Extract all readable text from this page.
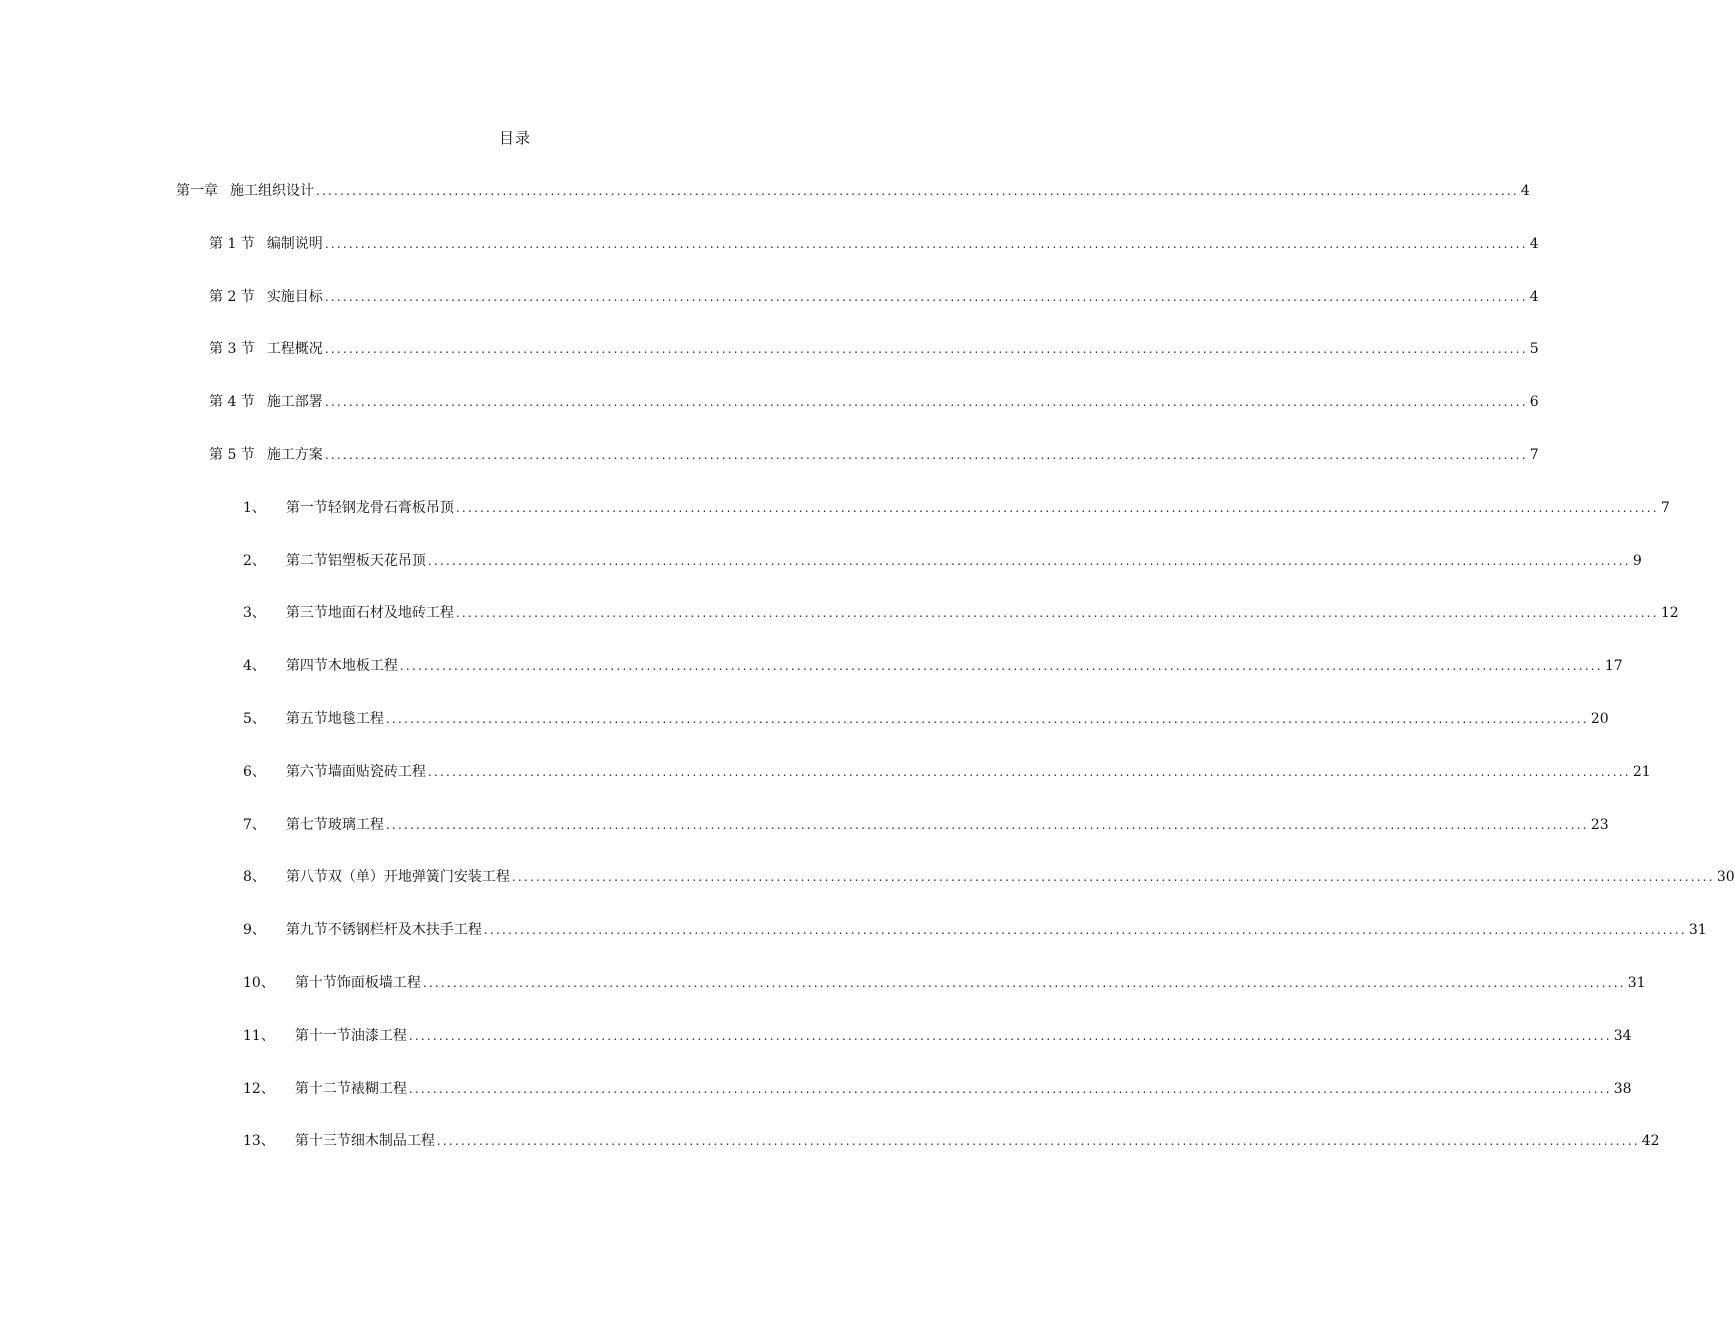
目录
第一章 施工组织设计 ........................................................................................................................................................................................................ 4
第 1 节 编制说明 ........................................................................................................................................................................................................ 4
第 2 节 实施目标 ........................................................................................................................................................................................................ 4
第 3 节 工程概况 ........................................................................................................................................................................................................ 5
第 4 节 施工部署 ........................................................................................................................................................................................................ 6
第 5 节 施工方案 ........................................................................................................................................................................................................ 7
1、 第一节轻钢龙骨石膏板吊顶 ........................................................................................................................................................................................................ 7
2、 第二节铝塑板天花吊顶 ........................................................................................................................................................................................................ 9
3、 第三节地面石材及地砖工程 ........................................................................................................................................................................................................ 12
4、 第四节木地板工程 ........................................................................................................................................................................................................ 17
5、 第五节地毯工程 ........................................................................................................................................................................................................ 20
6、 第六节墙面贴瓷砖工程 ........................................................................................................................................................................................................ 21
7、 第七节玻璃工程 ........................................................................................................................................................................................................ 23
8、 第八节双（单）开地弹簧门安装工程 ........................................................................................................................................................................................................ 30
9、 第九节不锈钢栏杆及木扶手工程 ........................................................................................................................................................................................................ 31
10、 第十节饰面板墙工程 ........................................................................................................................................................................................................ 31
11、 第十一节油漆工程 ........................................................................................................................................................................................................ 34
12、 第十二节裱糊工程 ........................................................................................................................................................................................................ 38
13、 第十三节细木制品工程 ........................................................................................................................................................................................................ 42
